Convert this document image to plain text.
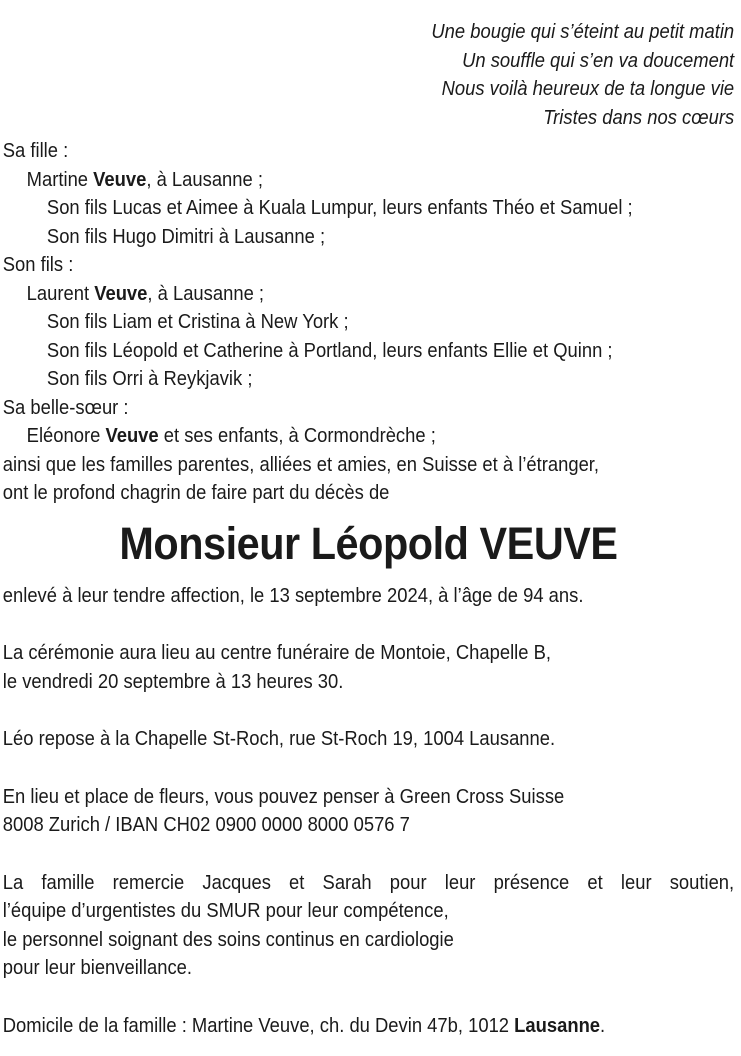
Une bougie qui s’éteint au petit matin
Un souffle qui s’en va doucement
Nous voilà heureux de ta longue vie
Tristes dans nos cœurs
Sa fille :
Martine Veuve, à Lausanne ;
Son fils Lucas et Aimee à Kuala Lumpur, leurs enfants Théo et Samuel ;
Son fils Hugo Dimitri à Lausanne ;
Son fils :
Laurent Veuve, à Lausanne ;
Son fils Liam et Cristina à New York ;
Son fils Léopold et Catherine à Portland, leurs enfants Ellie et Quinn ;
Son fils Orri à Reykjavik ;
Sa belle-sœur :
Eléonore Veuve et ses enfants, à Cormondrèche ;
ainsi que les familles parentes, alliées et amies, en Suisse et à l’étranger,
ont le profond chagrin de faire part du décès de
Monsieur Léopold VEUVE
enlevé à leur tendre affection, le 13 septembre 2024, à l’âge de 94 ans.
La cérémonie aura lieu au centre funéraire de Montoie, Chapelle B,
le vendredi 20 septembre à 13 heures 30.
Léo repose à la Chapelle St-Roch, rue St-Roch 19, 1004 Lausanne.
En lieu et place de fleurs, vous pouvez penser à Green Cross Suisse
8008 Zurich / IBAN CH02 0900 0000 8000 0576 7
La famille remercie Jacques et Sarah pour leur présence et leur soutien,
l’équipe d’urgentistes du SMUR pour leur compétence,
le personnel soignant des soins continus en cardiologie
pour leur bienveillance.
Domicile de la famille : Martine Veuve, ch. du Devin 47b, 1012 Lausanne.
